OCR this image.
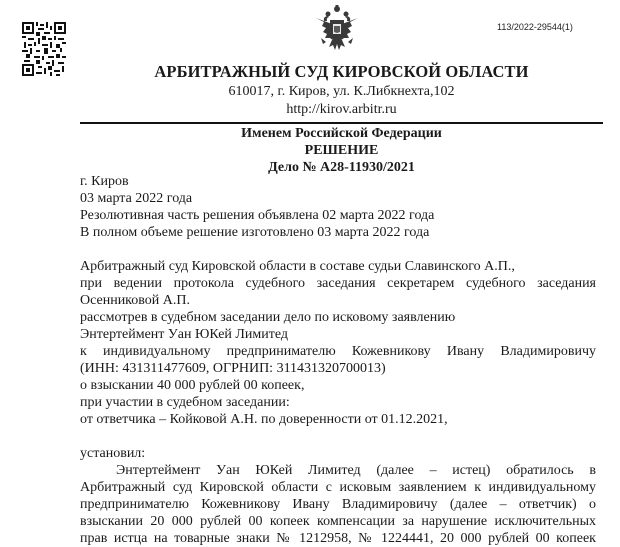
113/2022-29544(1)
АРБИТРАЖНЫЙ СУД КИРОВСКОЙ ОБЛАСТИ
610017, г. Киров, ул. К.Либкнехта,102
http://kirov.arbitr.ru
Именем Российской Федерации
РЕШЕНИЕ
Дело № А28-11930/2021
г. Киров
03 марта 2022 года
Резолютивная часть решения объявлена 02 марта 2022 года
В полном объеме решение изготовлено 03 марта 2022 года
Арбитражный суд Кировской области в составе судьи Славинского А.П.,
при ведении протокола судебного заседания секретарем судебного заседания
Осенниковой А.П.
рассмотрев в судебном заседании дело по исковому заявлению
Энтертеймент Уан ЮКей Лимитед
к индивидуальному предпринимателю Кожевникову Ивану Владимировичу
(ИНН: 431311477609, ОГРНИП: 311431320700013)
о взыскании 40 000 рублей 00 копеек,
при участии в судебном заседании:
от ответчика – Койковой А.Н. по доверенности от 01.12.2021,
установил:
Энтертеймент Уан ЮКей Лимитед (далее – истец) обратилось в
Арбитражный суд Кировской области с исковым заявлением к индивидуальному
предпринимателю Кожевникову Ивану Владимировичу (далее – ответчик) о
взыскании 20 000 рублей 00 копеек компенсации за нарушение исключительных
прав истца на товарные знаки № 1212958, № 1224441, 20 000 рублей 00 копеек
